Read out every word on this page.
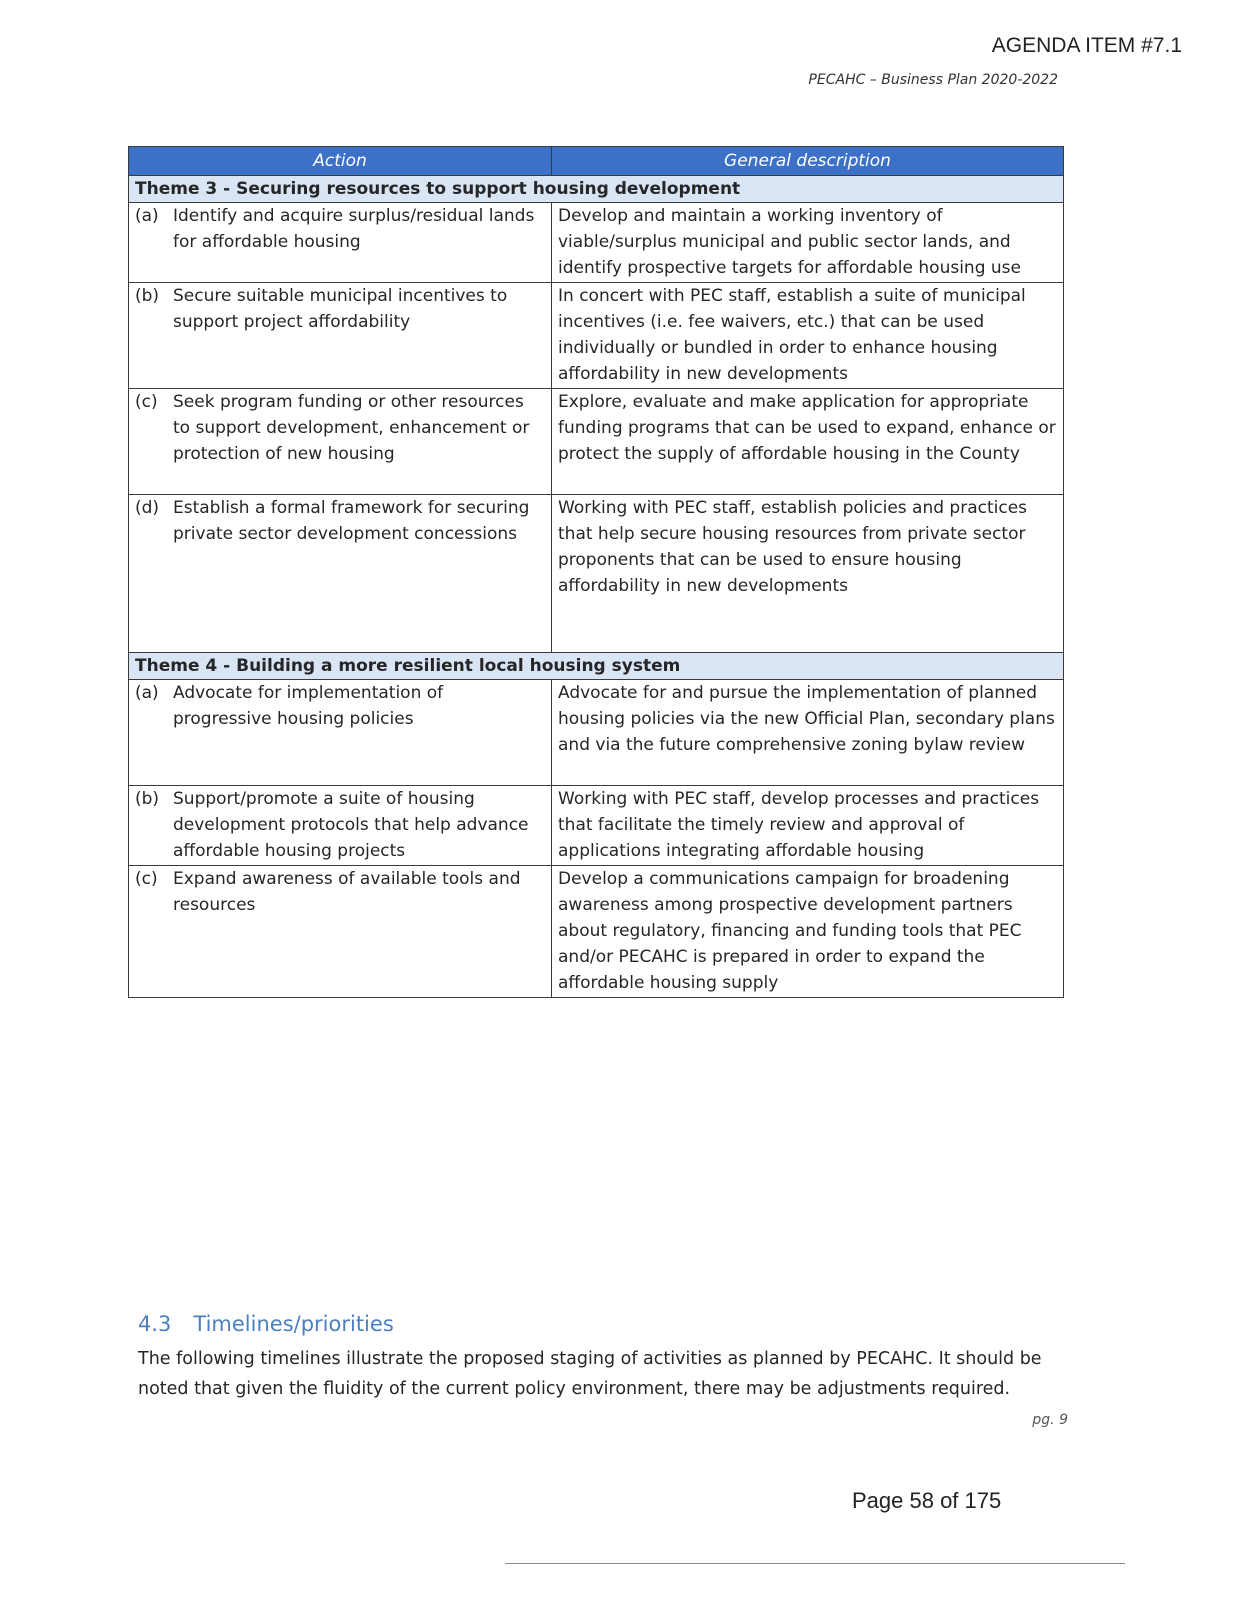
AGENDA ITEM #7.1
PECAHC – Business Plan 2020-2022
Action	General description
Theme 3 - Securing resources to support housing development	

(a) Identify and acquire surplus/residual lands for affordable housing	Develop and maintain a working inventory of viable/surplus municipal and public sector lands, and identify prospective targets for affordable housing use

(b) Secure suitable municipal incentives to support project affordability	In concert with PEC staff, establish a suite of municipal incentives (i.e. fee waivers, etc.) that can be used individually or bundled in order to enhance housing affordability in new developments

(c) Seek program funding or other resources to support development, enhancement or protection of new housing	Explore, evaluate and make application for appropriate funding programs that can be used to expand, enhance or protect the supply of affordable housing in the County

(d) Establish a formal framework for securing private sector development concessions	Working with PEC staff, establish policies and practices that help secure housing resources from private sector proponents that can be used to ensure housing affordability in new developments
Theme 4 - Building a more resilient local housing system	

(a) Advocate for implementation of progressive housing policies	Advocate for and pursue the implementation of planned housing policies via the new Official Plan, secondary plans and via the future comprehensive zoning bylaw review

(b) Support/promote a suite of housing development protocols that help advance affordable housing projects	Working with PEC staff, develop processes and practices that facilitate the timely review and approval of applications integrating affordable housing

(c) Expand awareness of available tools and resources	Develop a communications campaign for broadening awareness among prospective development partners about regulatory, financing and funding tools that PEC and/or PECAHC is prepared in order to expand the affordable housing supply
4.3 Timelines/priorities
The following timelines illustrate the proposed staging of activities as planned by PECAHC. It should be noted that given the fluidity of the current policy environment, there may be adjustments required.
pg. 9
Page 58 of 175
